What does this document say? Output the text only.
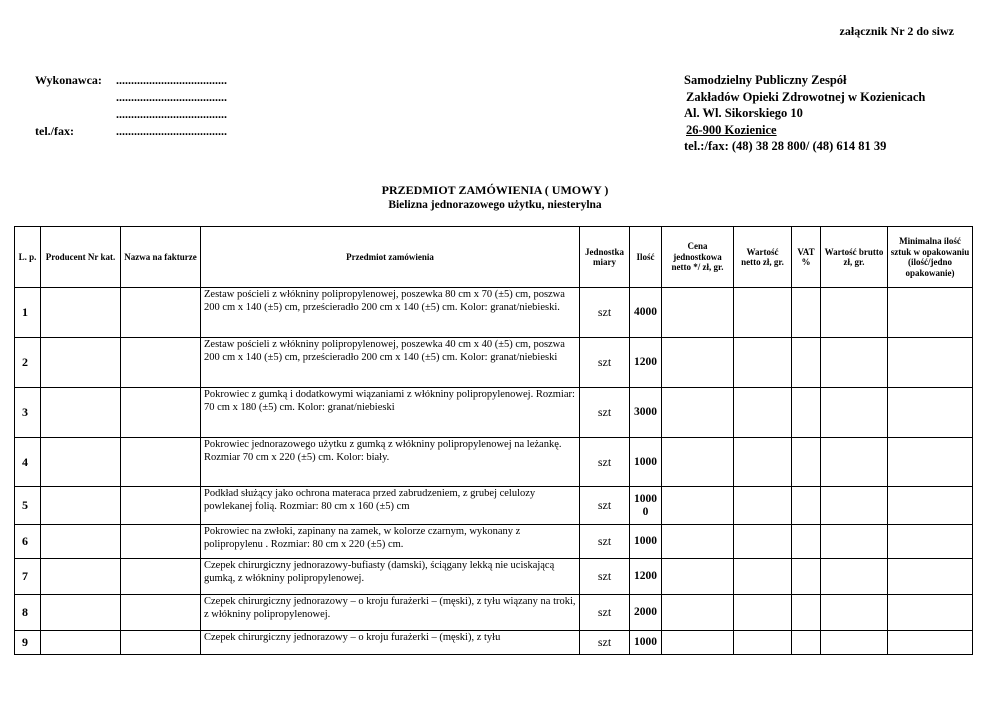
załącznik Nr 2 do siwz
Wykonawca:	.....................................
.....................................
.....................................
tel./fax:	.....................................
Samodzielny Publiczny Zespół
Zakładów Opieki Zdrowotnej w Kozienicach
Al. Wl. Sikorskiego 10
26-900 Kozienice
tel.:/fax: (48) 38 28 800/ (48) 614 81 39
PRZEDMIOT ZAMÓWIENIA ( UMOWY )
Bielizna jednorazowego użytku, niesterylna
L. p.	Producent Nr kat.	Nazwa na fakturze	Przedmiot zamówienia	Jednostka miary	Ilość	Cena jednostkowa netto */ zł, gr.	Wartość netto zł, gr.	VAT %	Wartość brutto zł, gr.	Minimalna ilość sztuk w opakowaniu (ilość/jedno opakowanie)
1			Zestaw pościeli z włókniny polipropylenowej, poszewka 80 cm x 70 (±5) cm, poszwa 200 cm x 140 (±5) cm, prześcieradło 200 cm x 140 (±5) cm. Kolor: granat/niebieski.	szt	4000					
2			Zestaw pościeli z włókniny polipropylenowej, poszewka 40 cm x 40 (±5) cm, poszwa 200 cm x 140 (±5) cm, prześcieradło 200 cm x 140 (±5) cm. Kolor: granat/niebieski	szt	1200					
3			Pokrowiec z gumką i dodatkowymi wiązaniami z włókniny polipropylenowej. Rozmiar: 70 cm x 180 (±5) cm. Kolor: granat/niebieski	szt	3000					
4			Pokrowiec jednorazowego użytku z gumką z włókniny polipropylenowej na leżankę. Rozmiar 70 cm x 220 (±5) cm. Kolor: biały.	szt	1000					
5			Podkład służący jako ochrona materaca przed zabrudzeniem, z grubej celulozy powlekanej folią. Rozmiar: 80 cm x 160 (±5) cm	szt	1000 0					
6			Pokrowiec na zwłoki, zapinany na zamek, w kolorze czarnym, wykonany z polipropylenu . Rozmiar: 80 cm x 220 (±5) cm.	szt	1000					
7			Czepek chirurgiczny jednorazowy-bufiasty (damski), ściągany lekką nie uciskającą gumką, z włókniny polipropylenowej.	szt	1200					
8			Czepek chirurgiczny jednorazowy – o kroju furażerki – (męski), z tyłu wiązany na troki, z włókniny polipropylenowej.	szt	2000					
9			Czepek chirurgiczny jednorazowy – o kroju furażerki – (męski), z tyłu	szt	1000					
